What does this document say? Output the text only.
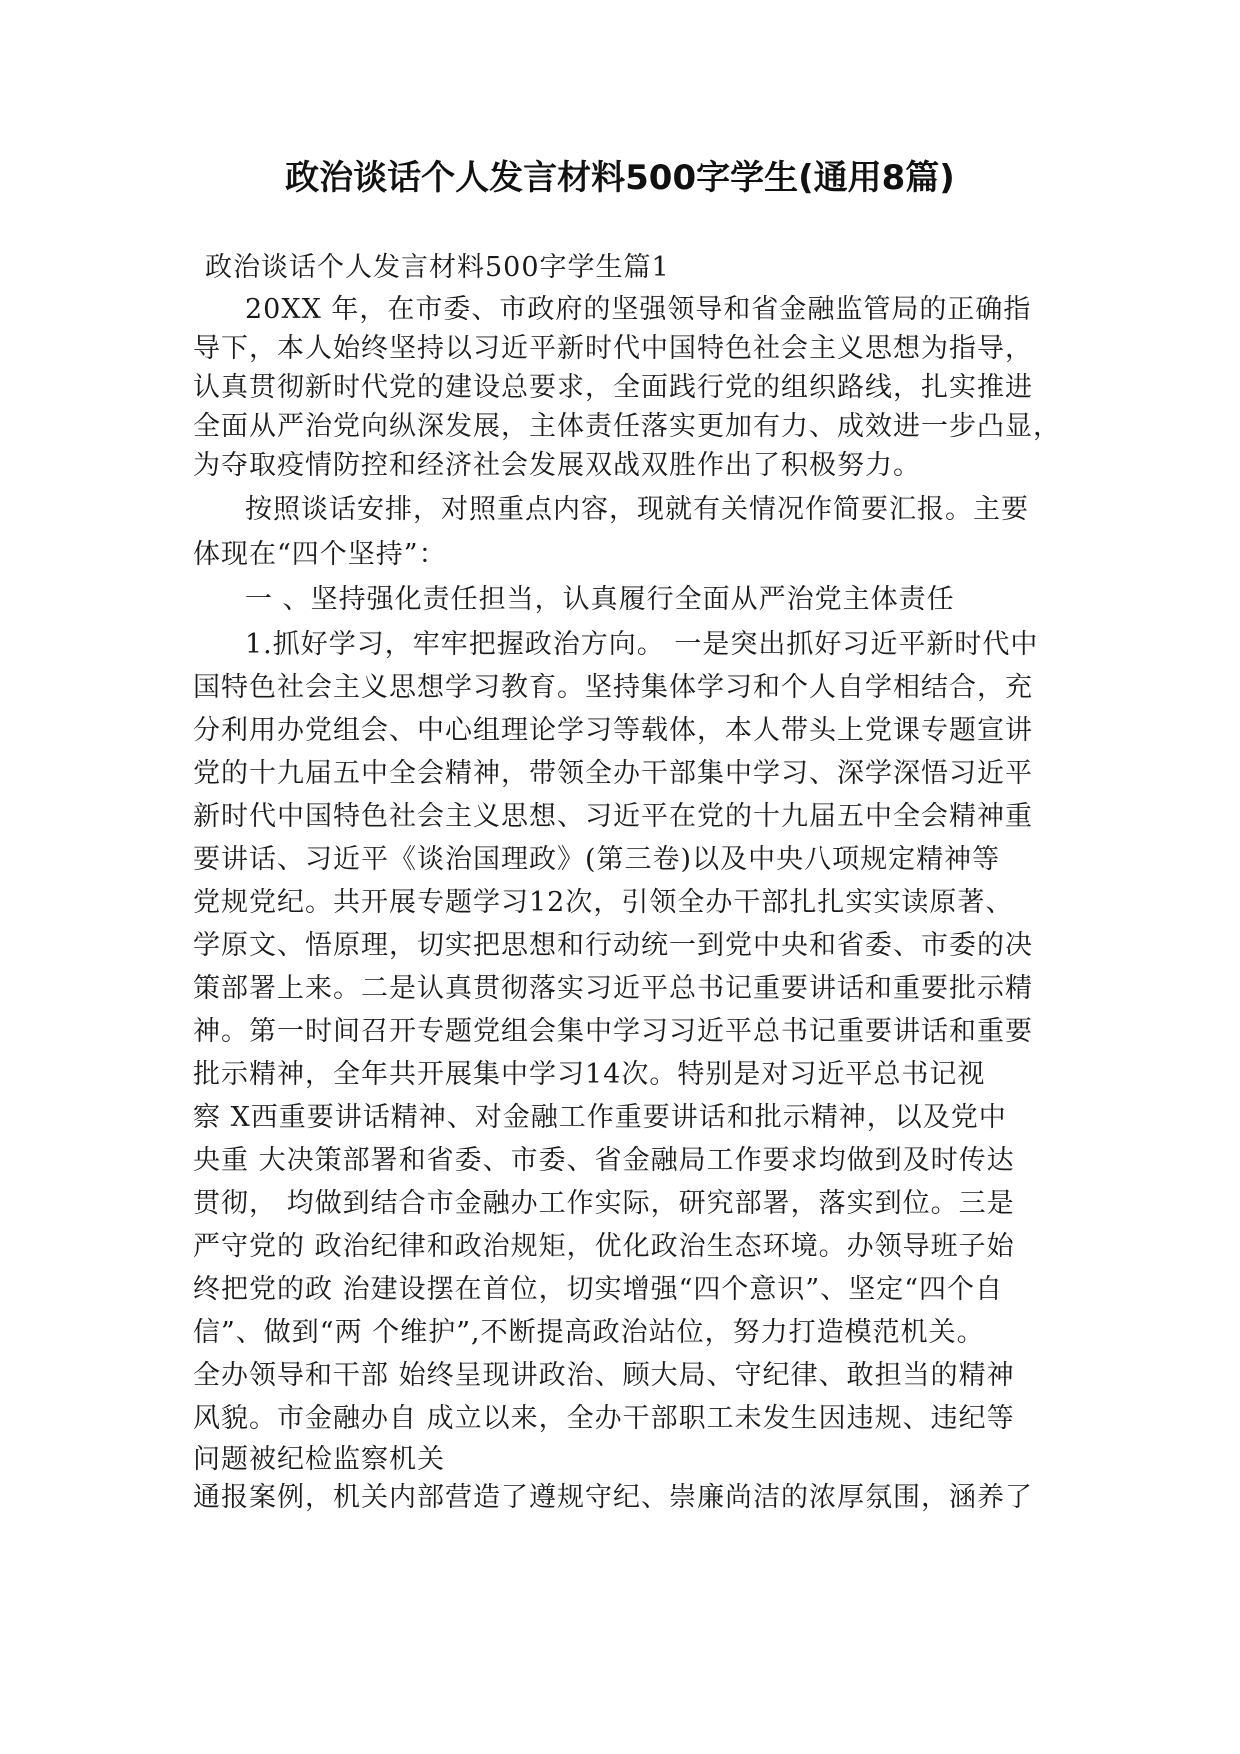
政治谈话个人发言材料500字学生(通用8篇)
政治谈话个人发言材料500字学生篇1
20XX 年，在市委、市政府的坚强领导和省金融监管局的正确指
导下，本人始终坚持以习近平新时代中国特色社会主义思想为指导，
认真贯彻新时代党的建设总要求，全面践行党的组织路线，扎实推进
全面从严治党向纵深发展，主体责任落实更加有力、成效进一步凸显，
为夺取疫情防控和经济社会发展双战双胜作出了积极努力。
按照谈话安排，对照重点内容，现就有关情况作简要汇报。主要
体现在“四个坚持”：
一 、坚持强化责任担当，认真履行全面从严治党主体责任
1.抓好学习，牢牢把握政治方向。 一是突出抓好习近平新时代中
国特色社会主义思想学习教育。坚持集体学习和个人自学相结合，充
分利用办党组会、中心组理论学习等载体，本人带头上党课专题宣讲
党的十九届五中全会精神，带领全办干部集中学习、深学深悟习近平
新时代中国特色社会主义思想、习近平在党的十九届五中全会精神重
要讲话、习近平《谈治国理政》(第三卷)以及中央八项规定精神等
党规党纪。共开展专题学习12次，引领全办干部扎扎实实读原著、
学原文、悟原理，切实把思想和行动统一到党中央和省委、市委的决
策部署上来。二是认真贯彻落实习近平总书记重要讲话和重要批示精
神。第一时间召开专题党组会集中学习习近平总书记重要讲话和重要
批示精神，全年共开展集中学习14次。特别是对习近平总书记视
察 X西重要讲话精神、对金融工作重要讲话和批示精神，以及党中
央重 大决策部署和省委、市委、省金融局工作要求均做到及时传达
贯彻， 均做到结合市金融办工作实际，研究部署，落实到位。三是
严守党的 政治纪律和政治规矩，优化政治生态环境。办领导班子始
终把党的政 治建设摆在首位，切实增强“四个意识”、坚定“四个自
信”、做到“两 个维护”,不断提高政治站位，努力打造模范机关。
全办领导和干部 始终呈现讲政治、顾大局、守纪律、敢担当的精神
风貌。市金融办自 成立以来，全办干部职工未发生因违规、违纪等
问题被纪检监察机关
通报案例，机关内部营造了遵规守纪、崇廉尚洁的浓厚氛围，涵养了
